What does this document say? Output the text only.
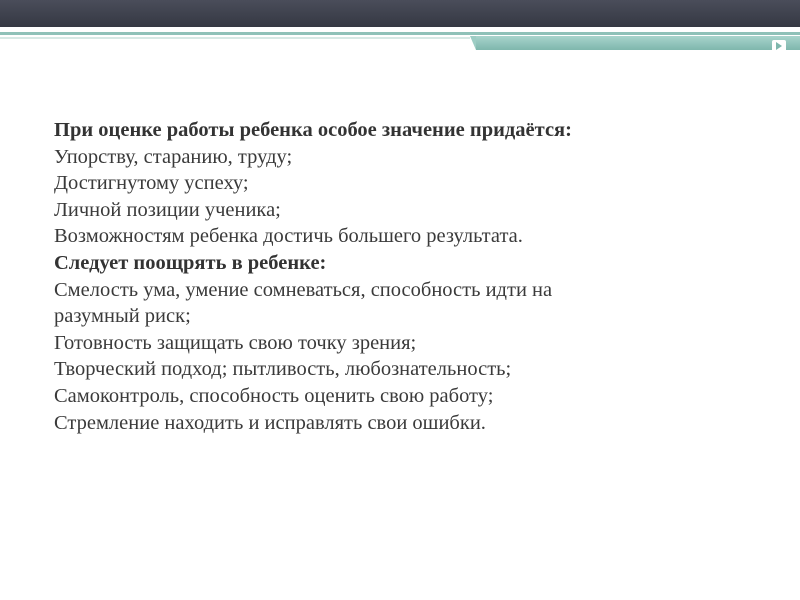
При оценке работы ребенка особое значение придаётся:

Упорству, старанию, труду;

Достигнутому успеху;

Личной позиции ученика;

Возможностям ребенка достичь большего результата.

Следует поощрять в ребенке:

Смелость ума, умение сомневаться, способность идти на

разумный риск;

Готовность защищать свою точку зрения;

Творческий подход; пытливость, любознательность;

Самоконтроль, способность оценить свою работу;

Стремление находить и исправлять свои ошибки.
